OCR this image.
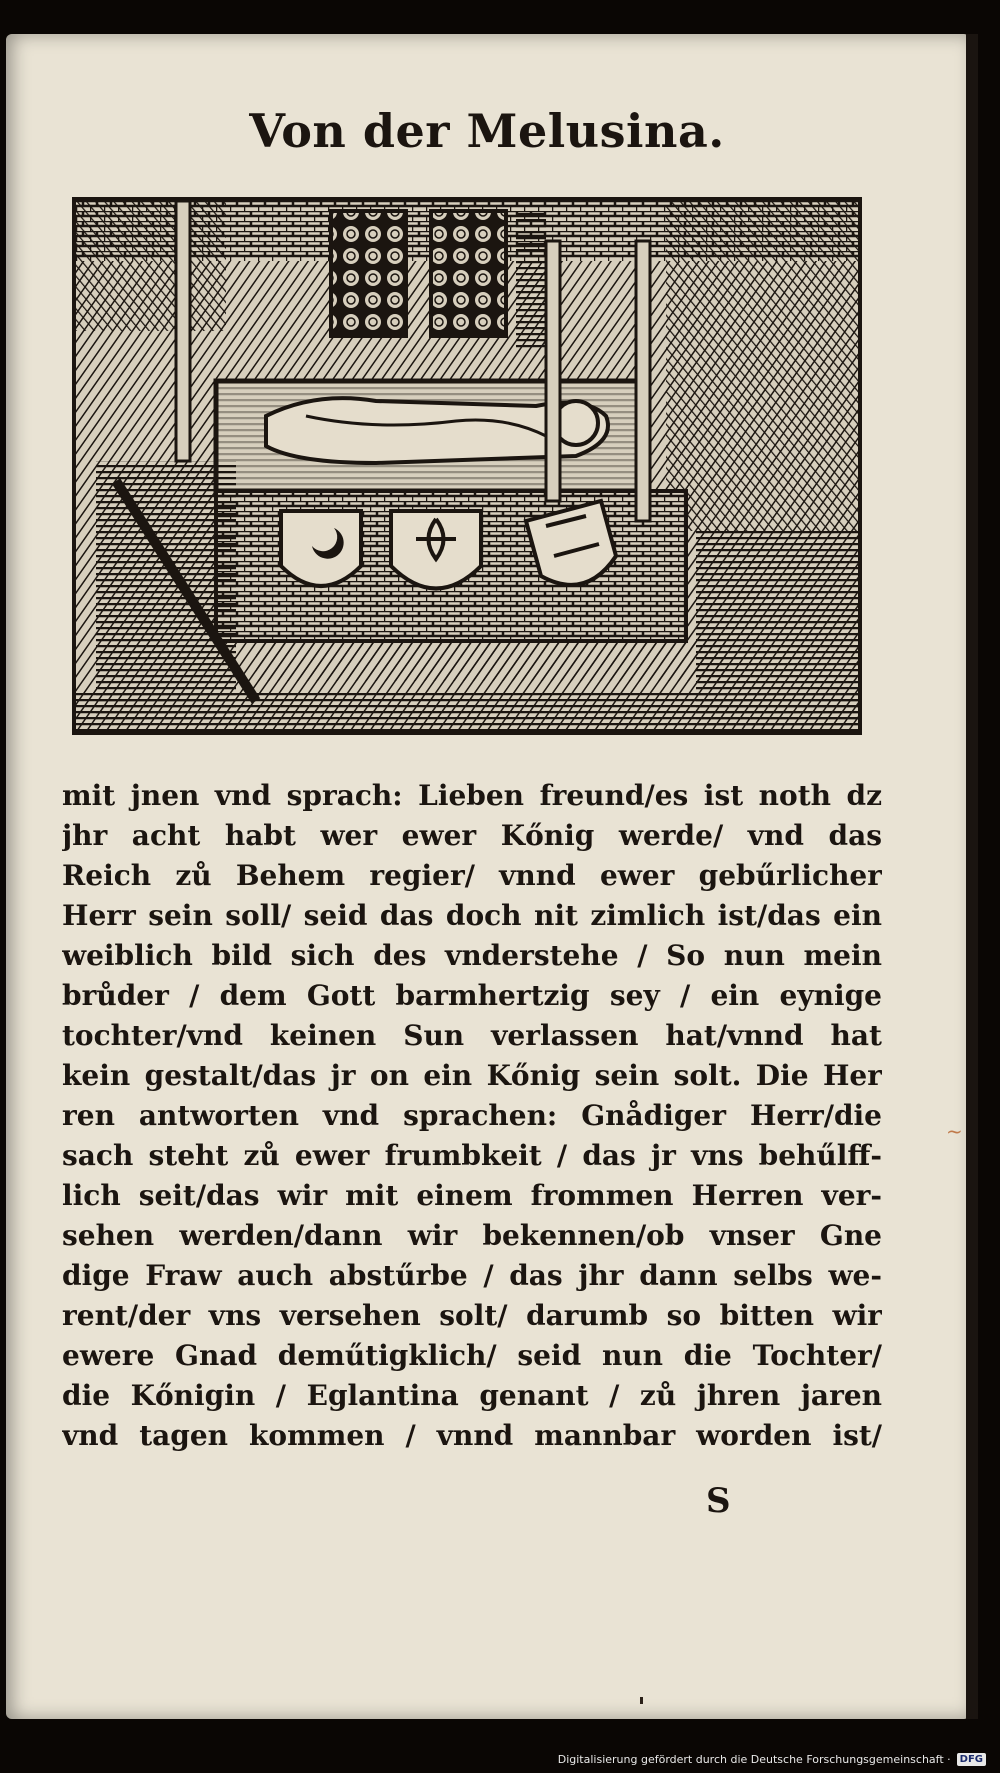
Von der Melusina.
mit jnen vnd sprach: Lieben freund/es ist noth dz
jhr acht habt wer ewer Kőnig werde/ vnd das
Reich zů Behem regier/ vnnd ewer gebűrlicher
Herr sein soll/ seid das doch nit zimlich ist/das ein
weiblich bild sich des vnderstehe / So nun mein
brůder / dem Gott barmhertzig sey / ein eynige
tochter/vnd keinen Sun verlassen hat/vnnd hat
kein gestalt/das jr on ein Kőnig sein solt. Die Her
ren antworten vnd sprachen: Gnådiger Herr/die
sach steht zů ewer frumbkeit / das jr vns behűlff-
lich seit/das wir mit einem frommen Herren ver-
sehen werden/dann wir bekennen/ob vnser Gne
dige Fraw auch abstűrbe / das jhr dann selbs we-
rent/der vns versehen solt/ darumb so bitten wir
ewere Gnad deműtigklich/ seid nun die Tochter/
die Kőnigin / Eglantina genant / zů jhren jaren
vnd tagen kommen / vnnd mannbar worden ist/
S
~
Digitalisierung gefördert durch die Deutsche Forschungsgemeinschaft · DFG
